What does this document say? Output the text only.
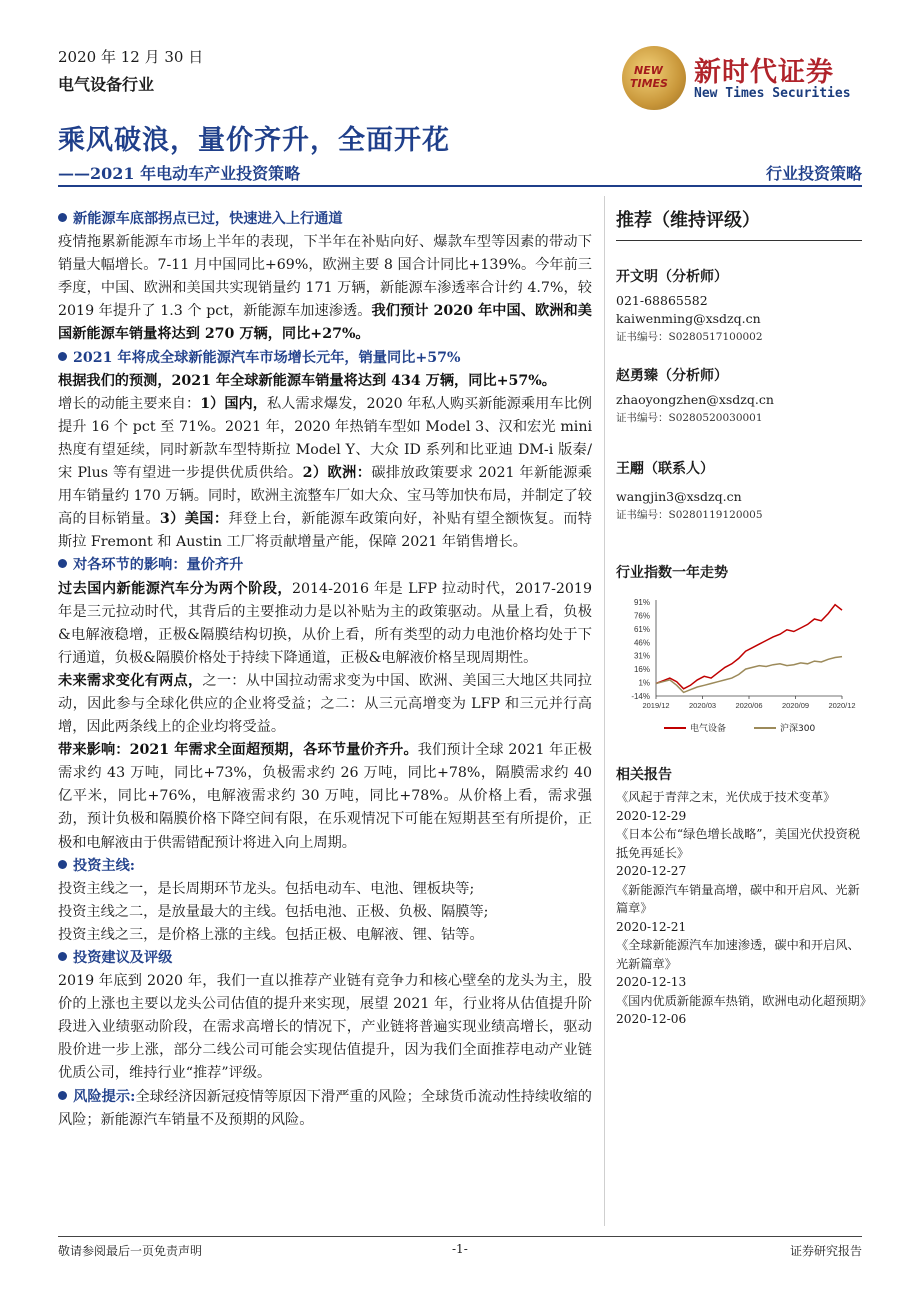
2020 年 12 月 30 日
电气设备行业
NEW
TIMES 新时代证券
New Times Securities
乘风破浪，量价齐升，全面开花
——2021 年电动车产业投资策略	行业投资策略

新能源车底部拐点已过，快速进入上行通道

疫情拖累新能源车市场上半年的表现，下半年在补贴向好、爆款车型等因素的带动下销量大幅增长。7-11 月中国同比+69%，欧洲主要 8 国合计同比+139%。今年前三季度，中国、欧洲和美国共实现销量约 171 万辆，新能源车渗透率合计约 4.7%，较 2019 年提升了 1.3 个 pct，新能源车加速渗透。我们预计 2020 年中国、欧洲和美国新能源车销量将达到 270 万辆，同比+27%。

2021 年将成全球新能源汽车市场增长元年，销量同比+57%

根据我们的预测，2021 年全球新能源车销量将达到 434 万辆，同比+57%。

增长的动能主要来自：1）国内，私人需求爆发，2020 年私人购买新能源乘用车比例提升 16 个 pct 至 71%。2021 年，2020 年热销车型如 Model 3、汉和宏光 mini 热度有望延续，同时新款车型特斯拉 Model Y、大众 ID 系列和比亚迪 DM-i 版秦/宋 Plus 等有望进一步提供优质供给。2）欧洲：碳排放政策要求 2021 年新能源乘用车销量约 170 万辆。同时，欧洲主流整车厂如大众、宝马等加快布局，并制定了较高的目标销量。3）美国：拜登上台，新能源车政策向好，补贴有望全额恢复。而特斯拉 Fremont 和 Austin 工厂将贡献增量产能，保障 2021 年销售增长。

对各环节的影响：量价齐升

过去国内新能源汽车分为两个阶段，2014-2016 年是 LFP 拉动时代，2017-2019 年是三元拉动时代，其背后的主要推动力是以补贴为主的政策驱动。从量上看，负极&电解液稳增，正极&隔膜结构切换，从价上看，所有类型的动力电池价格均处于下行通道，负极&隔膜价格处于持续下降通道，正极&电解液价格呈现周期性。

未来需求变化有两点，之一：从中国拉动需求变为中国、欧洲、美国三大地区共同拉动，因此参与全球化供应的企业将受益；之二：从三元高增变为 LFP 和三元并行高增，因此两条线上的企业均将受益。

带来影响：2021 年需求全面超预期，各环节量价齐升。我们预计全球 2021 年正极需求约 43 万吨，同比+73%，负极需求约 26 万吨，同比+78%，隔膜需求约 40 亿平米，同比+76%，电解液需求约 30 万吨，同比+78%。从价格上看，需求强劲，预计负极和隔膜价格下降空间有限，在乐观情况下可能在短期甚至有所提价，正极和电解液由于供需错配预计将进入向上周期。

投资主线:

投资主线之一，是长周期环节龙头。包括电动车、电池、锂板块等;

投资主线之二，是放量最大的主线。包括电池、正极、负极、隔膜等;

投资主线之三，是价格上涨的主线。包括正极、电解液、锂、钴等。

投资建议及评级

2019 年底到 2020 年，我们一直以推荐产业链有竞争力和核心壁垒的龙头为主，股价的上涨也主要以龙头公司估值的提升来实现，展望 2021 年，行业将从估值提升阶段进入业绩驱动阶段，在需求高增长的情况下，产业链将普遍实现业绩高增长，驱动股价进一步上涨，部分二线公司可能会实现估值提升，因为我们全面推荐电动产业链优质公司，维持行业“推荐”评级。

风险提示:全球经济因新冠疫情等原因下滑严重的风险；全球货币流动性持续收缩的风险；新能源汽车销量不及预期的风险。

推荐（维持评级）
开文明（分析师）
021-68865582
kaiwenming@xsdzq.cn
证书编号：S0280517100002
赵勇臻（分析师）
zhaoyongzhen@xsdzq.cn
证书编号：S0280520030001
王翢（联系人）
wangjin3@xsdzq.cn
证书编号：S0280119120005
行业指数一年走势
91%
76%
61%
46%
31%
16%
1%
-14%
2019/12	2020/03	2020/06	2020/09	2020/12
电气设备	沪深300
相关报告
《风起于青萍之末，光伏成于技术变革》
2020-12-29
《日本公布“绿色增长战略”，美国光伏投资税抵免再延长》
2020-12-27
《新能源汽车销量高增，碳中和开启风、光新篇章》
2020-12-21
《全球新能源汽车加速渗透，碳中和开启风、光新篇章》
2020-12-13
《国内优质新能源车热销，欧洲电动化超预期》
2020-12-06
敬请参阅最后一页免责声明	-1-	证券研究报告
